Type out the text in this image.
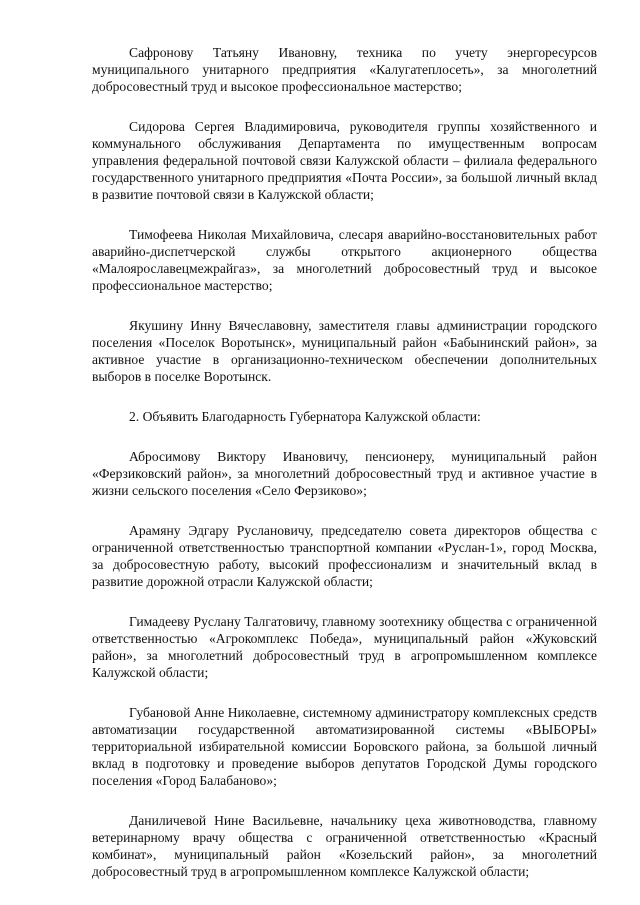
Сафронову Татьяну Ивановну, техника по учету энергоресурсов муниципального унитарного предприятия «Калугатеплосеть», за многолетний добросовестный труд и высокое профессиональное мастерство;

Сидорова Сергея Владимировича, руководителя группы хозяйственного и коммунального обслуживания Департамента по имущественным вопросам управления федеральной почтовой связи Калужской области – филиала федерального государственного унитарного предприятия «Почта России», за большой личный вклад в развитие почтовой связи в Калужской области;

Тимофеева Николая Михайловича, слесаря аварийно-восстановительных работ аварийно-диспетчерской службы открытого акционерного общества «Малоярославецмежрайгаз», за многолетний добросовестный труд и высокое профессиональное мастерство;

Якушину Инну Вячеславовну, заместителя главы администрации городского поселения «Поселок Воротынск», муниципальный район «Бабынинский район», за активное участие в организационно-техническом обеспечении дополнительных выборов в поселке Воротынск.

2. Объявить Благодарность Губернатора Калужской области:

Абросимову Виктору Ивановичу, пенсионеру, муниципальный район «Ферзиковский район», за многолетний добросовестный труд и активное участие в жизни сельского поселения «Село Ферзиково»;

Арамяну Эдгару Руслановичу, председателю совета директоров общества с ограниченной ответственностью транспортной компании «Руслан-1», город Москва, за добросовестную работу, высокий профессионализм и значительный вклад в развитие дорожной отрасли Калужской области;

Гимадееву Руслану Талгатовичу, главному зоотехнику общества с ограниченной ответственностью «Агрокомплекс Победа», муниципальный район «Жуковский район», за многолетний добросовестный труд в агропромышленном комплексе Калужской области;

Губановой Анне Николаевне, системному администратору комплексных средств автоматизации государственной автоматизированной системы «ВЫБОРЫ» территориальной избирательной комиссии Боровского района, за большой личный вклад в подготовку и проведение выборов депутатов Городской Думы городского поселения «Город Балабаново»;

Даниличевой Нине Васильевне, начальнику цеха животноводства, главному ветеринарному врачу общества с ограниченной ответственностью «Красный комбинат», муниципальный район «Козельский район», за многолетний добросовестный труд в агропромышленном комплексе Калужской области;
